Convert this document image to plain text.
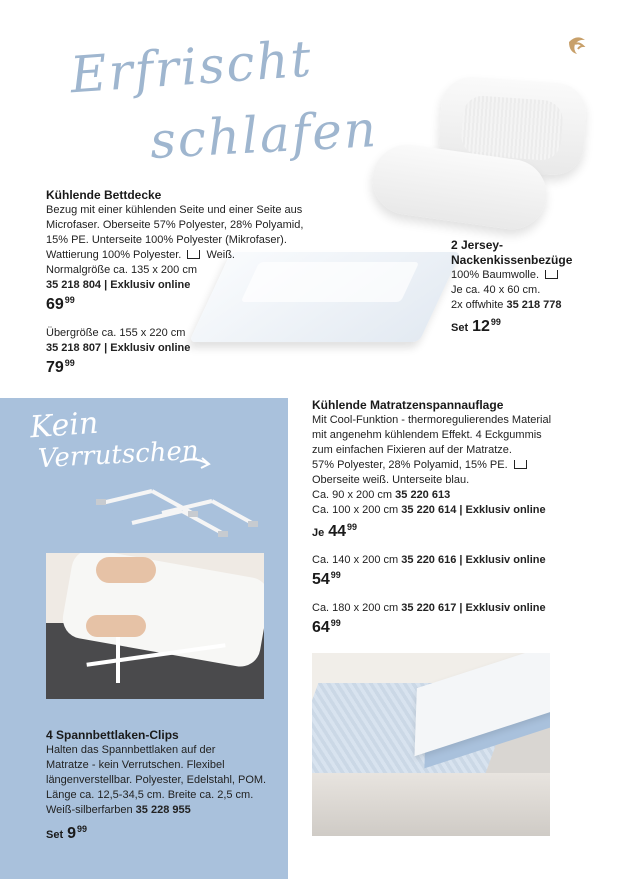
Erfrischt
schlafen
Kühlende Bettdecke
Bezug mit einer kühlenden Seite und einer Seite aus
Microfaser. Oberseite 57% Polyester, 28% Polyamid,
15% PE. Unterseite 100% Polyester (Mikrofaser).
Wattierung 100% Polyester. Weiß.
Normalgröße ca. 135 x 200 cm
35 218 804 | Exklusiv online
$69^{99}$
Übergröße ca. 155 x 220 cm
35 218 807 | Exklusiv online
$79^{99}$
2 Jersey-
Nackenkissenbezüge
100% Baumwolle.
Je ca. 40 x 60 cm.
2x offwhite 35 218 778
Set $12^{99}$
Kein
Verrutschen
4 Spannbettlaken-Clips
Halten das Spannbettlaken auf der
Matratze - kein Verrutschen. Flexibel
längenverstellbar. Polyester, Edelstahl, POM.
Länge ca. 12,5-34,5 cm. Breite ca. 2,5 cm.
Weiß-silberfarben 35 228 955
Set $9^{99}$
Kühlende Matratzenspannauflage
Mit Cool-Funktion - thermoregulierendes Material
mit angenehm kühlendem Effekt. 4 Eckgummis
zum einfachen Fixieren auf der Matratze.
57% Polyester, 28% Polyamid, 15% PE.
Oberseite weiß. Unterseite blau.
Ca. 90 x 200 cm 35 220 613
Ca. 100 x 200 cm 35 220 614 | Exklusiv online
Je $44^{99}$
Ca. 140 x 200 cm 35 220 616 | Exklusiv online
$54^{99}$
Ca. 180 x 200 cm 35 220 617 | Exklusiv online
$64^{99}$
